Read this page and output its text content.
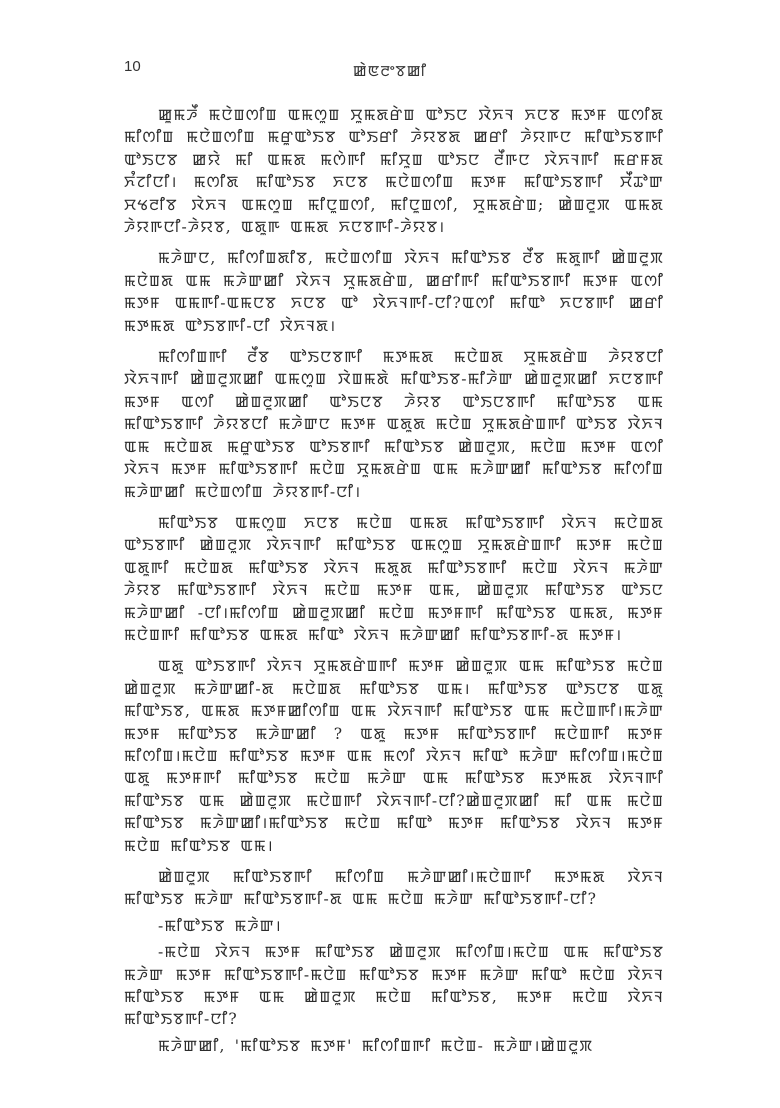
10	ꯀꯥꯟꯂꯦꯕꯀꯤ

ꯀꯨꯃꯍꯩ ꯃꯅꯥꯡꯁꯤꯡ ꯑꯃꯁꯨꯡ ꯆꯨꯃꯗꯔꯥꯡ ꯑꯣꯏꯅ ꯋꯥꯈꯜ ꯈꯅꯕ ꯃꯇꯝ ꯑꯁꯤꯗ ꯃꯤꯁꯤꯡ ꯃꯅꯥꯡꯁꯤꯡ ꯃꯔꯨꯑꯣꯏꯕ ꯑꯣꯏꯔꯤ ꯍꯥꯌꯕꯗ ꯀꯔꯤ ꯍꯥꯌꯒꯅ ꯃꯤꯑꯣꯏꯕꯒꯤ ꯑꯣꯏꯅꯕ ꯀꯌꯥ ꯃꯤ ꯑꯃꯗ ꯃꯁꯥꯒꯤ ꯃꯤꯆꯨꯡ ꯑꯣꯏꯅ ꯂꯩꯒꯅ ꯋꯥꯈꯜꯒꯤ ꯃꯔꯝꯗ ꯈꯪꯖꯤꯅꯤ। ꯃꯁꯤꯗ ꯃꯤꯑꯣꯏꯕ ꯈꯅꯕ ꯃꯅꯥꯡꯁꯤꯡ ꯃꯇꯝ ꯃꯤꯑꯣꯏꯕꯒꯤ ꯆꯩꯊꯣꯛ ꯆꯠꯂꯤꯕ ꯋꯥꯈꯜ ꯑꯃꯁꯨꯡ ꯃꯤꯅꯨꯡꯁꯤ, ꯃꯤꯅꯨꯡꯁꯤ, ꯆꯨꯃꯗꯔꯥꯡ; ꯀꯥꯡꯂꯨꯞ ꯑꯃꯗ ꯍꯥꯌꯒꯅꯤ-ꯍꯥꯌꯕ, ꯑꯗꯨꯒ ꯑꯃꯗ ꯈꯅꯕꯒꯤ-ꯍꯥꯌꯕ।

ꯃꯍꯥꯛꯅ, ꯃꯤꯁꯤꯡꯗꯤꯕ, ꯃꯅꯥꯡꯁꯤꯡ ꯋꯥꯈꯜ ꯃꯤꯑꯣꯏꯕ ꯂꯩꯕ ꯃꯗꯨꯒꯤ ꯀꯥꯡꯂꯨꯞ ꯃꯅꯥꯡꯗ ꯑꯃ ꯃꯍꯥꯛꯀꯤ ꯋꯥꯈꯜ ꯆꯨꯃꯗꯔꯥꯡ, ꯀꯔꯤꯒꯤ ꯃꯤꯑꯣꯏꯕꯒꯤ ꯃꯇꯝ ꯑꯁꯤ ꯃꯇꯝ ꯑꯃꯒꯤ-ꯑꯃꯅꯕ ꯈꯅꯕ ꯑꯣ ꯋꯥꯈꯜꯒꯤ-ꯅꯤ?ꯑꯁꯤ ꯃꯤꯑꯣ ꯈꯅꯕꯒꯤ ꯀꯔꯤ ꯃꯇꯃꯗ ꯑꯣꯏꯕꯒꯤ-ꯅꯤ ꯋꯥꯈꯜꯗ।

ꯃꯤꯁꯤꯡꯒꯤ ꯂꯩꯕ ꯑꯣꯏꯅꯕꯒꯤ ꯃꯇꯃꯗ ꯃꯅꯥꯡꯗ ꯆꯨꯃꯗꯔꯥꯡ ꯍꯥꯌꯕꯅꯤ ꯋꯥꯈꯜꯒꯤ ꯀꯥꯡꯂꯨꯞꯀꯤ ꯑꯃꯁꯨꯡ ꯋꯥꯡꯃꯗꯥ ꯃꯤꯑꯣꯏꯕ-ꯃꯤꯍꯥꯛ ꯀꯥꯡꯂꯨꯞꯀꯤ ꯈꯅꯕꯒꯤ ꯃꯇꯝ ꯑꯁꯤ ꯀꯥꯡꯂꯨꯞꯀꯤ ꯑꯣꯏꯅꯕ ꯍꯥꯌꯕ ꯑꯣꯏꯅꯕꯒꯤ ꯃꯤꯑꯣꯏꯕ ꯑꯃ ꯃꯤꯑꯣꯏꯕꯒꯤ ꯍꯥꯌꯕꯅꯤ ꯃꯍꯥꯛꯅ ꯃꯇꯝ ꯑꯗꯨꯗ ꯃꯅꯥꯡ ꯆꯨꯃꯗꯔꯥꯡꯒꯤ ꯑꯣꯏꯕ ꯋꯥꯈꯜ ꯑꯃ ꯃꯅꯥꯡꯗ ꯃꯔꯨꯑꯣꯏꯕ ꯑꯣꯏꯕꯒꯤ ꯃꯤꯑꯣꯏꯕ ꯀꯥꯡꯂꯨꯞ, ꯃꯅꯥꯡ ꯃꯇꯝ ꯑꯁꯤ ꯋꯥꯈꯜ ꯃꯇꯝ ꯃꯤꯑꯣꯏꯕꯒꯤ ꯃꯅꯥꯡ ꯆꯨꯃꯗꯔꯥꯡ ꯑꯃ ꯃꯍꯥꯛꯀꯤ ꯃꯤꯑꯣꯏꯕ ꯃꯤꯁꯤꯡ ꯃꯍꯥꯛꯀꯤ ꯃꯅꯥꯡꯁꯤꯡ ꯍꯥꯌꯕꯒꯤ-ꯅꯤ।

ꯃꯤꯑꯣꯏꯕ ꯑꯃꯁꯨꯡ ꯈꯅꯕ ꯃꯅꯥꯡ ꯑꯃꯗ ꯃꯤꯑꯣꯏꯕꯒꯤ ꯋꯥꯈꯜ ꯃꯅꯥꯡꯗ ꯑꯣꯏꯕꯒꯤ ꯀꯥꯡꯂꯨꯞ ꯋꯥꯈꯜꯒꯤ ꯃꯤꯑꯣꯏꯕ ꯑꯃꯁꯨꯡ ꯆꯨꯃꯗꯔꯥꯡꯒꯤ ꯃꯇꯝ ꯃꯅꯥꯡ ꯑꯗꯨꯒꯤ ꯃꯅꯥꯡꯗ ꯃꯤꯑꯣꯏꯕ ꯋꯥꯈꯜ ꯃꯗꯨꯗ ꯃꯤꯑꯣꯏꯕꯒꯤ ꯃꯅꯥꯡ ꯋꯥꯈꯜ ꯃꯍꯥꯛ ꯍꯥꯌꯕ ꯃꯤꯑꯣꯏꯕꯒꯤ ꯋꯥꯈꯜ ꯃꯅꯥꯡ ꯃꯇꯝ ꯑꯃ, ꯀꯥꯡꯂꯨꯞ ꯃꯤꯑꯣꯏꯕ ꯑꯣꯏꯅ ꯃꯍꯥꯛꯀꯤ -ꯅꯤ।ꯃꯤꯁꯤꯡ ꯀꯥꯡꯂꯨꯞꯀꯤ ꯃꯅꯥꯡ ꯃꯇꯝꯒꯤ ꯃꯤꯑꯣꯏꯕ ꯑꯃꯗ, ꯃꯇꯝ ꯃꯅꯥꯡꯒꯤ ꯃꯤꯑꯣꯏꯕ ꯑꯃꯗ ꯃꯤꯑꯣ ꯋꯥꯈꯜ ꯃꯍꯥꯛꯀꯤ ꯃꯤꯑꯣꯏꯕꯒꯤ-ꯗ ꯃꯇꯝ।

ꯑꯗꯨ ꯑꯣꯏꯕꯒꯤ ꯋꯥꯈꯜ ꯆꯨꯃꯗꯔꯥꯡꯒꯤ ꯃꯇꯝ ꯀꯥꯡꯂꯨꯞ ꯑꯃ ꯃꯤꯑꯣꯏꯕ ꯃꯅꯥꯡ ꯀꯥꯡꯂꯨꯞ ꯃꯍꯥꯛꯀꯤ-ꯗ ꯃꯅꯥꯡꯗ ꯃꯤꯑꯣꯏꯕ ꯑꯃ। ꯃꯤꯑꯣꯏꯕ ꯑꯣꯏꯅꯕ ꯑꯗꯨ ꯃꯤꯑꯣꯏꯕ, ꯑꯃꯗ ꯃꯇꯝꯀꯤꯁꯤꯡ ꯑꯃ ꯋꯥꯈꯜꯒꯤ ꯃꯤꯑꯣꯏꯕ ꯑꯃ ꯃꯅꯥꯡꯒꯤ।ꯃꯍꯥꯛ ꯃꯇꯝ ꯃꯤꯑꯣꯏꯕ ꯃꯍꯥꯛꯀꯤ ? ꯑꯗꯨ ꯃꯇꯝ ꯃꯤꯑꯣꯏꯕꯒꯤ ꯃꯅꯥꯡꯒꯤ ꯃꯇꯝ ꯃꯤꯁꯤꯡ।ꯃꯅꯥꯡ ꯃꯤꯑꯣꯏꯕ ꯃꯇꯝ ꯑꯃ ꯃꯁꯤ ꯋꯥꯈꯜ ꯃꯤꯑꯣ ꯃꯍꯥꯛ ꯃꯤꯁꯤꯡ।ꯃꯅꯥꯡ ꯑꯗꯨ ꯃꯇꯝꯒꯤ ꯃꯤꯑꯣꯏꯕ ꯃꯅꯥꯡ ꯃꯍꯥꯛ ꯑꯃ ꯃꯤꯑꯣꯏꯕ ꯃꯇꯃꯗ ꯋꯥꯈꯜꯒꯤ ꯃꯤꯑꯣꯏꯕ ꯑꯃ ꯀꯥꯡꯂꯨꯞ ꯃꯅꯥꯡꯒꯤ ꯋꯥꯈꯜꯒꯤ-ꯅꯤ?ꯀꯥꯡꯂꯨꯞꯀꯤ ꯃꯤ ꯑꯃ ꯃꯅꯥꯡ ꯃꯤꯑꯣꯏꯕ ꯃꯍꯥꯛꯀꯤ।ꯃꯤꯑꯣꯏꯕ ꯃꯅꯥꯡ ꯃꯤꯑꯣ ꯃꯇꯝ ꯃꯤꯑꯣꯏꯕ ꯋꯥꯈꯜ ꯃꯇꯝ ꯃꯅꯥꯡ ꯃꯤꯑꯣꯏꯕ ꯑꯃ।

ꯀꯥꯡꯂꯨꯞ ꯃꯤꯑꯣꯏꯕꯒꯤ ꯃꯤꯁꯤꯡ ꯃꯍꯥꯛꯀꯤ।ꯃꯅꯥꯡꯒꯤ ꯃꯇꯃꯗ ꯋꯥꯈꯜ ꯃꯤꯑꯣꯏꯕ ꯃꯍꯥꯛ ꯃꯤꯑꯣꯏꯕꯒꯤ-ꯗ ꯑꯃ ꯃꯅꯥꯡ ꯃꯍꯥꯛ ꯃꯤꯑꯣꯏꯕꯒꯤ-ꯅꯤ?

-ꯃꯤꯑꯣꯏꯕ ꯃꯍꯥꯛ।

-ꯃꯅꯥꯡ ꯋꯥꯈꯜ ꯃꯇꯝ ꯃꯤꯑꯣꯏꯕ ꯀꯥꯡꯂꯨꯞ ꯃꯤꯁꯤꯡ।ꯃꯅꯥꯡ ꯑꯃ ꯃꯤꯑꯣꯏꯕ ꯃꯍꯥꯛ ꯃꯇꯝ ꯃꯤꯑꯣꯏꯕꯒꯤ-ꯃꯅꯥꯡ ꯃꯤꯑꯣꯏꯕ ꯃꯇꯝ ꯃꯍꯥꯛ ꯃꯤꯑꯣ ꯃꯅꯥꯡ ꯋꯥꯈꯜ ꯃꯤꯑꯣꯏꯕ ꯃꯇꯝ ꯑꯃ ꯀꯥꯡꯂꯨꯞ ꯃꯅꯥꯡ ꯃꯤꯑꯣꯏꯕ, ꯃꯇꯝ ꯃꯅꯥꯡ ꯋꯥꯈꯜ ꯃꯤꯑꯣꯏꯕꯒꯤ-ꯅꯤ?

ꯃꯍꯥꯛꯀꯤ, 'ꯃꯤꯑꯣꯏꯕ ꯃꯇꯝ' ꯃꯤꯁꯤꯡꯒꯤ ꯃꯅꯥꯡ- ꯃꯍꯥꯛ।ꯀꯥꯡꯂꯨꯞ
